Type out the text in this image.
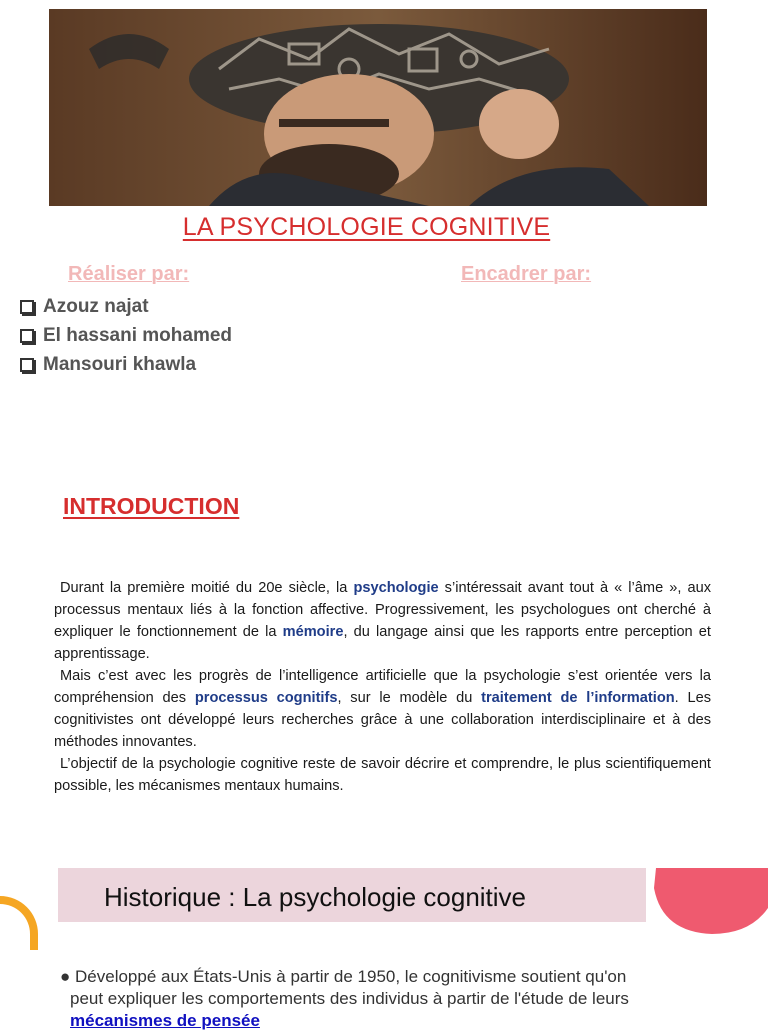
LA PSYCHOLOGIE COGNITIVE
Réaliser par:	Encadrer par:
Azouz najat
El hassani mohamed
Mansouri khawla
INTRODUCTION
Durant la première moitié du 20e siècle, la psychologie s’intéressait avant tout à « l’âme », aux processus mentaux liés à la fonction affective. Progressivement, les psychologues ont cherché à expliquer le fonctionnement de la mémoire, du langage ainsi que les rapports entre perception et apprentissage.
Mais c’est avec les progrès de l’intelligence artificielle que la psychologie s’est orientée vers la compréhension des processus cognitifs, sur le modèle du traitement de l’information. Les cognitivistes ont développé leurs recherches grâce à une collaboration interdisciplinaire et à des méthodes innovantes.
L’objectif de la psychologie cognitive reste de savoir décrire et comprendre, le plus scientifiquement possible, les mécanismes mentaux humains.
Historique : La psychologie cognitive
● Développé aux États-Unis à partir de 1950, le cognitivisme soutient qu'on
peut expliquer les comportements des individus à partir de l'étude de leurs
mécanismes de pensée
